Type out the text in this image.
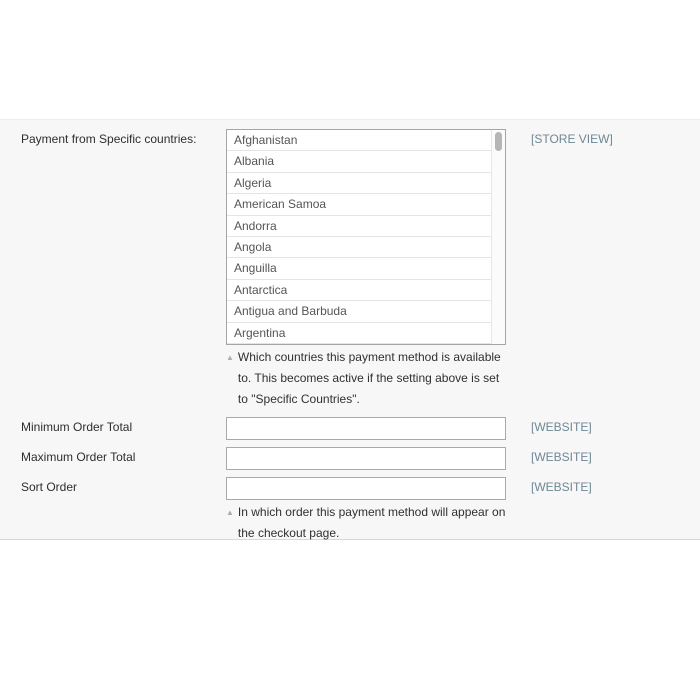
Payment from Specific countries:	Afghanistan
Albania
Algeria
American Samoa
Andorra
Angola
Anguilla
Antarctica
Antigua and Barbuda
Argentina
[STORE VIEW]
▲ Which countries this payment method is available to. This becomes active if the setting above is set to "Specific Countries".
Minimum Order Total	[WEBSITE]
Maximum Order Total	[WEBSITE]
Sort Order	[WEBSITE]
▲ In which order this payment method will appear on the checkout page.
